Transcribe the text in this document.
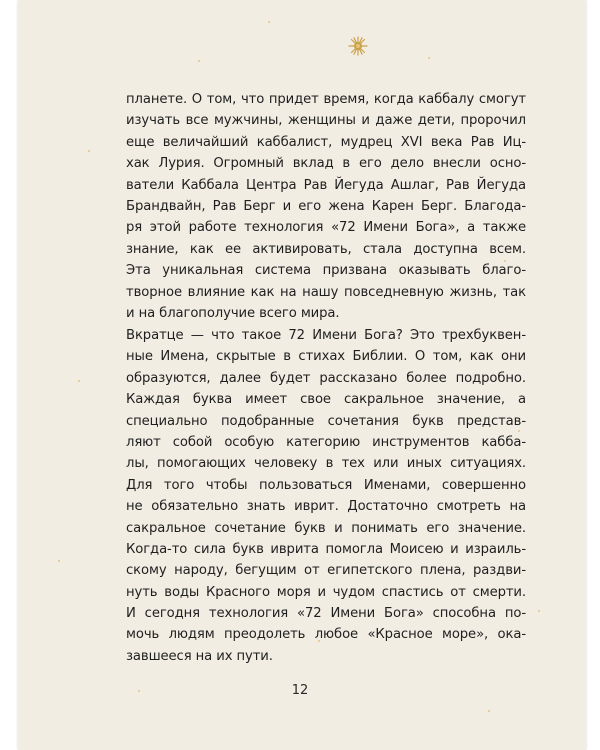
планете. О том, что придет время, когда каббалу смогут
изучать все мужчины, женщины и даже дети, пророчил
еще величайший каббалист, мудрец XVI века Рав Иц-
хак Лурия. Огромный вклад в его дело внесли осно-
ватели Каббала Центра Рав Йегуда Ашлаг, Рав Йегуда
Брандвайн, Рав Берг и его жена Карен Берг. Благода-
ря этой работе технология «72 Имени Бога», а также
знание, как ее активировать, стала доступна всем.
Эта уникальная система призвана оказывать благо-
творное влияние как на нашу повседневную жизнь, так
и на благополучие всего мира.
Вкратце — что такое 72 Имени Бога? Это трехбуквен-
ные Имена, скрытые в стихах Библии. О том, как они
образуются, далее будет рассказано более подробно.
Каждая буква имеет свое сакральное значение, а
специально подобранные сочетания букв представ-
ляют собой особую категорию инструментов кабба-
лы, помогающих человеку в тех или иных ситуациях.
Для того чтобы пользоваться Именами, совершенно
не обязательно знать иврит. Достаточно смотреть на
сакральное сочетание букв и понимать его значение.
Когда-то сила букв иврита помогла Моисею и израиль-
скому народу, бегущим от египетского плена, раздви-
нуть воды Красного моря и чудом спастись от смерти.
И сегодня технология «72 Имени Бога» способна по-
мочь людям преодолеть любое «Красное море», ока-
завшееся на их пути.
12
